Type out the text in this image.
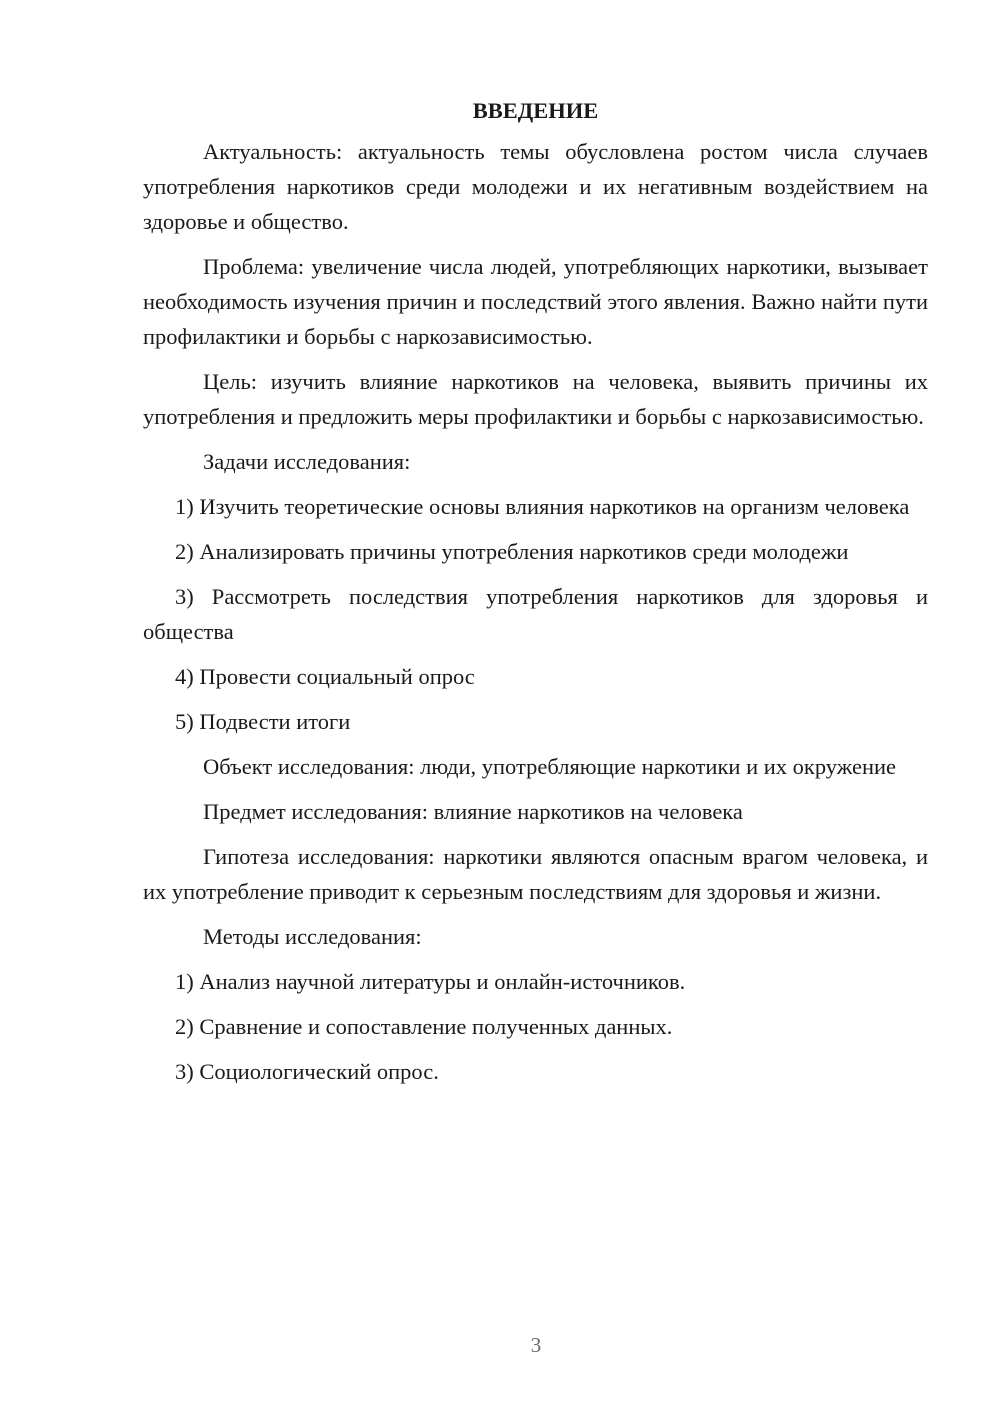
ВВЕДЕНИЕ

Актуальность: актуальность темы обусловлена ростом числа случаев употребления наркотиков среди молодежи и их негативным воздействием на здоровье и общество.

Проблема: увеличение числа людей, употребляющих наркотики, вызывает необходимость изучения причин и последствий этого явления. Важно найти пути профилактики и борьбы с наркозависимостью.

Цель: изучить влияние наркотиков на человека, выявить причины их употребления и предложить меры профилактики и борьбы с наркозависимостью.

Задачи исследования:

1) Изучить теоретические основы влияния наркотиков на организм человека

2) Анализировать причины употребления наркотиков среди молодежи

3) Рассмотреть последствия употребления наркотиков для здоровья и общества

4) Провести социальный опрос

5) Подвести итоги

Объект исследования: люди, употребляющие наркотики и их окружение

Предмет исследования: влияние наркотиков на человека

Гипотеза исследования: наркотики являются опасным врагом человека, и их употребление приводит к серьезным последствиям для здоровья и жизни.

Методы исследования:

1) Анализ научной литературы и онлайн-источников.

2) Сравнение и сопоставление полученных данных.

3) Социологический опрос.

3
